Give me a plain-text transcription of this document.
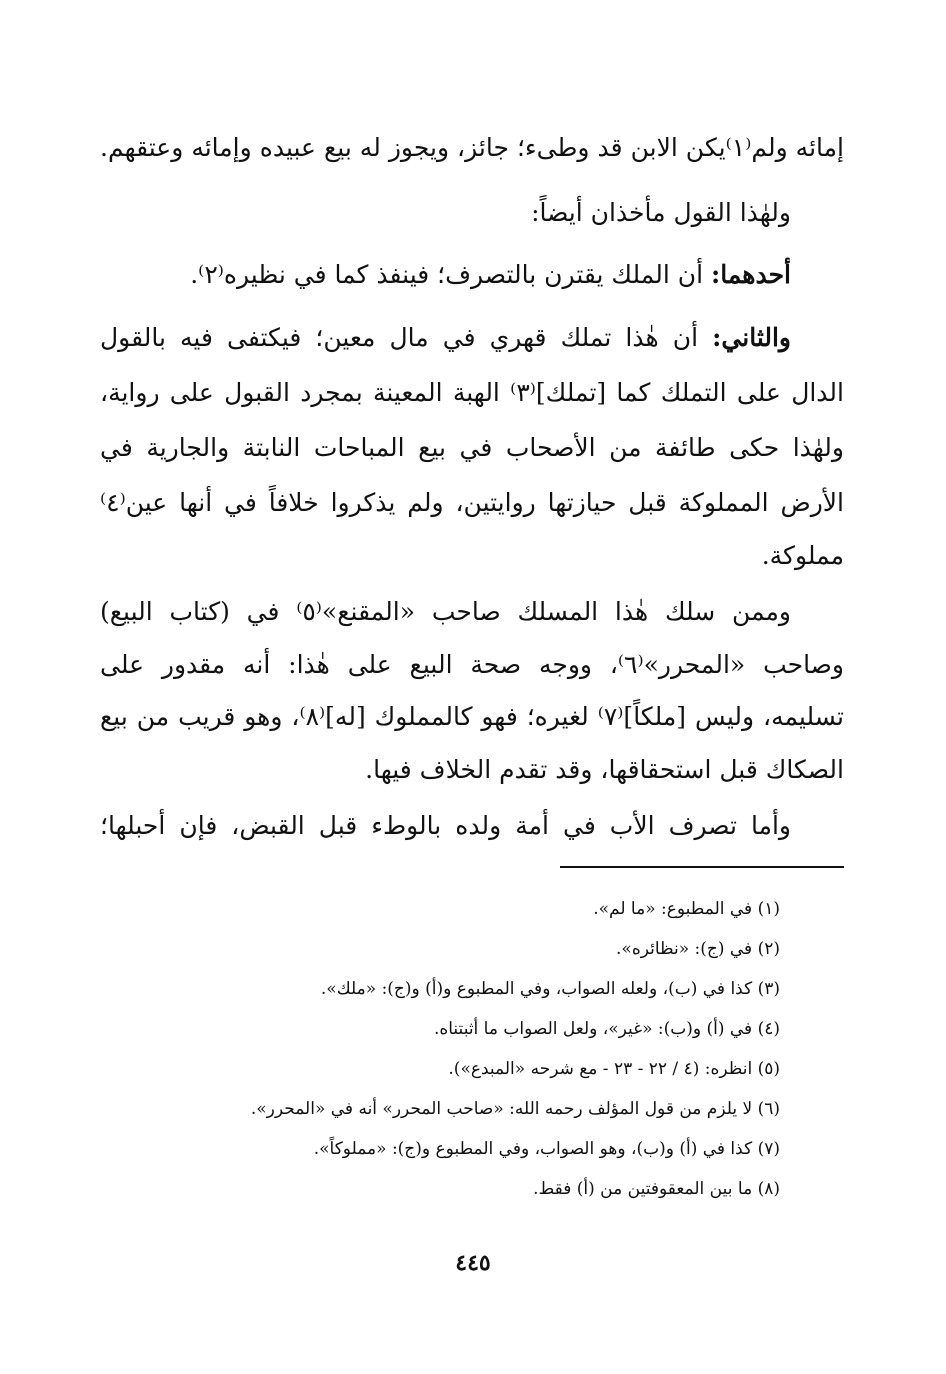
إمائه ولم⁽١⁾يكن الابن قد وطىء؛ جائز، ويجوز له بيع عبيده وإمائه وعتقهم.
ولهٰذا القول مأخذان أيضاً:
أحدهما: أن الملك يقترن بالتصرف؛ فينفذ كما في نظيره⁽٢⁾.
والثاني: أن هٰذا تملك قهري في مال معين؛ فيكتفى فيه بالقول
الدال على التملك كما [تملك]⁽٣⁾ الهبة المعينة بمجرد القبول على رواية،
ولهٰذا حكى طائفة من الأصحاب في بيع المباحات النابتة والجارية في
الأرض المملوكة قبل حيازتها روايتين، ولم يذكروا خلافاً في أنها عين⁽٤⁾
مملوكة.
وممن سلك هٰذا المسلك صاحب «المقنع»⁽٥⁾ في (كتاب البيع)
وصاحب «المحرر»⁽٦⁾، ووجه صحة البيع على هٰذا: أنه مقدور على
تسليمه، وليس [ملكاً]⁽٧⁾ لغيره؛ فهو كالمملوك [له]⁽٨⁾، وهو قريب من بيع
الصكاك قبل استحقاقها، وقد تقدم الخلاف فيها.
وأما تصرف الأب في أمة ولده بالوطء قبل القبض، فإن أحبلها؛
(١) في المطبوع: «ما لم».
(٢) في (ج): «نظائره».
(٣) كذا في (ب)، ولعله الصواب، وفي المطبوع و(أ) و(ج): «ملك».
(٤) في (أ) و(ب): «غير»، ولعل الصواب ما أثبتناه.
(٥) انظره: (٤ / ٢٢ - ٢٣ - مع شرحه «المبدع»).
(٦) لا يلزم من قول المؤلف رحمه الله: «صاحب المحرر» أنه في «المحرر».
(٧) كذا في (أ) و(ب)، وهو الصواب، وفي المطبوع و(ج): «مملوكاً».
(٨) ما بين المعقوفتين من (أ) فقط.
٤٤٥
